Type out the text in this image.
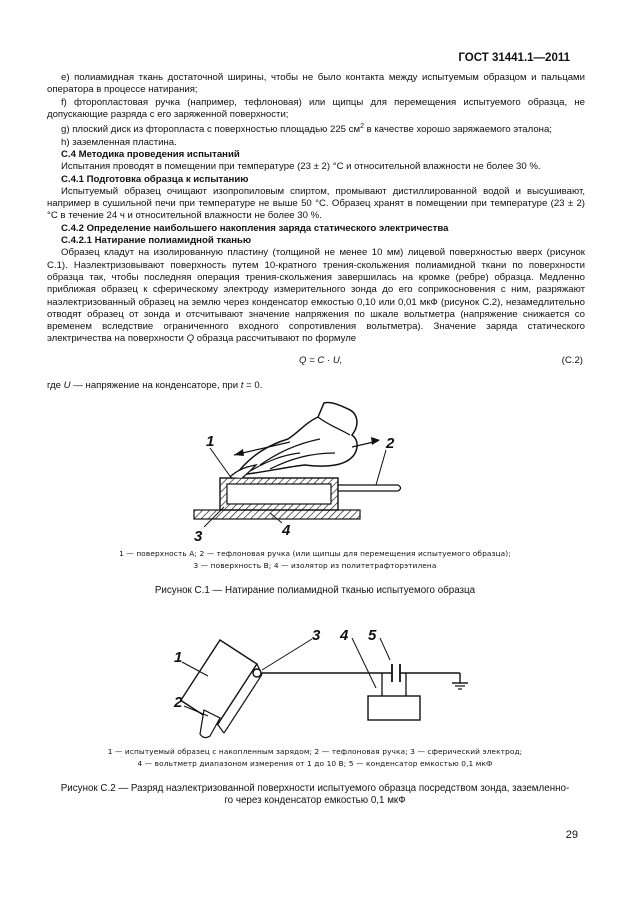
ГОСТ 31441.1—2011

е) полиамидная ткань достаточной ширины, чтобы не было контакта между испытуемым образцом и пальцами оператора в процессе натирания;

f) фторопластовая ручка (например, тефлоновая) или щипцы для перемещения испытуемого образца, не допускающие разряда с его заряженной поверхности;

g) плоский диск из фторопласта с поверхностью площадью 225 $см^2$ в качестве хорошо заряжаемого эталона;

h) заземленная пластина.

С.4 Методика проведения испытаний

Испытания проводят в помещении при температуре (23 ± 2) °С и относительной влажности не более 30 %.

С.4.1 Подготовка образца к испытанию

Испытуемый образец очищают изопропиловым спиртом, промывают дистиллированной водой и высушивают, например в сушильной печи при температуре не выше 50 °С. Образец хранят в помещении при температуре (23 ± 2) °С в течение 24 ч и относительной влажности не более 30 %.

С.4.2 Определение наибольшего накопления заряда статического электричества

С.4.2.1 Натирание полиамидной тканью

Образец кладут на изолированную пластину (толщиной не менее 10 мм) лицевой поверхностью вверх (рисунок С.1). Наэлектризовывают поверхность путем 10-кратного трения-скольжения полиамидной ткани по поверхности образца так, чтобы последняя операция трения-скольжения завершилась на кромке (ребре) образца. Медленно приближая образец к сферическому электроду измерительного зонда до его соприкосновения с ним, разряжают наэлектризованный образец на землю через конденсатор емкостью 0,10 или 0,01 мкФ (рисунок С.2), незамедлительно отводят образец от зонда и отсчитывают значение напряжения по шкале вольтметра (напряжение снижается со временем вследствие ограниченного входного сопротивления вольтметра). Значение заряда статического электричества на поверхности Q образца рассчитывают по формуле

Q = C · U,	(С.2)
где U — напряжение на конденсаторе, при t = 0.
1 — поверхность А; 2 — тефлоновая ручка (или щипцы для перемещения испытуемого образца);
3 — поверхность В; 4 — изолятор из политетрафторэтилена
Рисунок С.1 — Натирание полиамидной тканью испытуемого образца
1 — испытуемый образец с накопленным зарядом; 2 — тефлоновая ручка; 3 — сферический электрод;
4 — вольтметр диапазоном измерения от 1 до 10 В; 5 — конденсатор емкостью 0,1 мкФ
Рисунок С.2 — Разряд наэлектризованной поверхности испытуемого образца посредством зонда, заземленно-
го через конденсатор емкостью 0,1 мкФ
1	2
3	4
1
2
3 4 5
29
